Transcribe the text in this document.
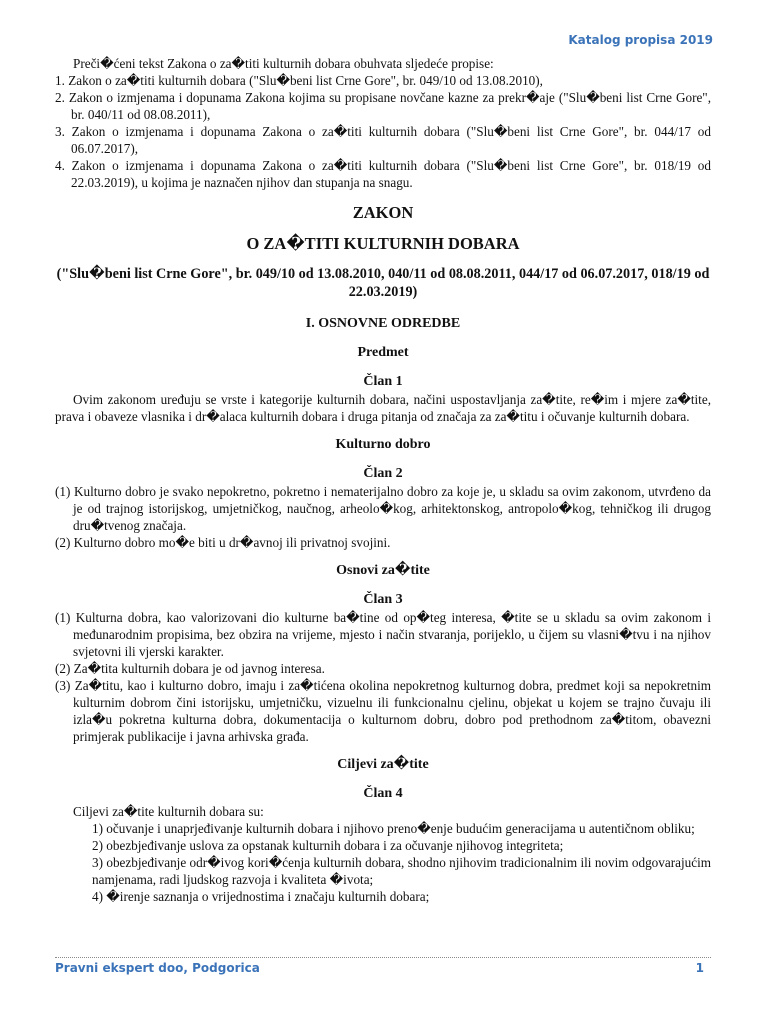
Katalog propisa 2019

Preči�ćeni tekst Zakona o za�titi kulturnih dobara obuhvata sljedeće propise:

1. Zakon o za�titi kulturnih dobara ("Slu�beni list Crne Gore", br. 049/10 od 13.08.2010),

2. Zakon o izmjenama i dopunama Zakona kojima su propisane novčane kazne za prekr�aje ("Slu�beni list Crne Gore", br. 040/11 od 08.08.2011),

3. Zakon o izmjenama i dopunama Zakona o za�titi kulturnih dobara ("Slu�beni list Crne Gore", br. 044/17 od 06.07.2017),

4. Zakon o izmjenama i dopunama Zakona o za�titi kulturnih dobara ("Slu�beni list Crne Gore", br. 018/19 od 22.03.2019), u kojima je naznačen njihov dan stupanja na snagu.

ZAKON

O ZA�TITI KULTURNIH DOBARA

("Slu�beni list Crne Gore", br. 049/10 od 13.08.2010, 040/11 od 08.08.2011, 044/17 od 06.07.2017, 018/19 od 22.03.2019)

I. OSNOVNE ODREDBE

Predmet

Član 1

Ovim zakonom uređuju se vrste i kategorije kulturnih dobara, načini uspostavljanja za�tite, re�im i mjere za�tite, prava i obaveze vlasnika i dr�alaca kulturnih dobara i druga pitanja od značaja za za�titu i očuvanje kulturnih dobara.

Kulturno dobro

Član 2

(1) Kulturno dobro je svako nepokretno, pokretno i nematerijalno dobro za koje je, u skladu sa ovim zakonom, utvrđeno da je od trajnog istorijskog, umjetničkog, naučnog, arheolo�kog, arhitektonskog, antropolo�kog, tehničkog ili drugog dru�tvenog značaja.

(2) Kulturno dobro mo�e biti u dr�avnoj ili privatnoj svojini.

Osnovi za�tite

Član 3

(1) Kulturna dobra, kao valorizovani dio kulturne ba�tine od op�teg interesa, �tite se u skladu sa ovim zakonom i međunarodnim propisima, bez obzira na vrijeme, mjesto i način stvaranja, porijeklo, u čijem su vlasni�tvu i na njihov svjetovni ili vjerski karakter.

(2) Za�tita kulturnih dobara je od javnog interesa.

(3) Za�titu, kao i kulturno dobro, imaju i za�tićena okolina nepokretnog kulturnog dobra, predmet koji sa nepokretnim kulturnim dobrom čini istorijsku, umjetničku, vizuelnu ili funkcionalnu cjelinu, objekat u kojem se trajno čuvaju ili izla�u pokretna kulturna dobra, dokumentacija o kulturnom dobru, dobro pod prethodnom za�titom, obavezni primjerak publikacije i javna arhivska građa.

Ciljevi za�tite

Član 4

Ciljevi za�tite kulturnih dobara su:

1) očuvanje i unaprjeđivanje kulturnih dobara i njihovo preno�enje budućim generacijama u autentičnom obliku;

2) obezbjeđivanje uslova za opstanak kulturnih dobara i za očuvanje njihovog integriteta;

3) obezbjeđivanje odr�ivog kori�ćenja kulturnih dobara, shodno njihovim tradicionalnim ili novim odgovarajućim namjenama, radi ljudskog razvoja i kvaliteta �ivota;

4) �irenje saznanja o vrijednostima i značaju kulturnih dobara;

Pravni ekspert doo, Podgorica	1
